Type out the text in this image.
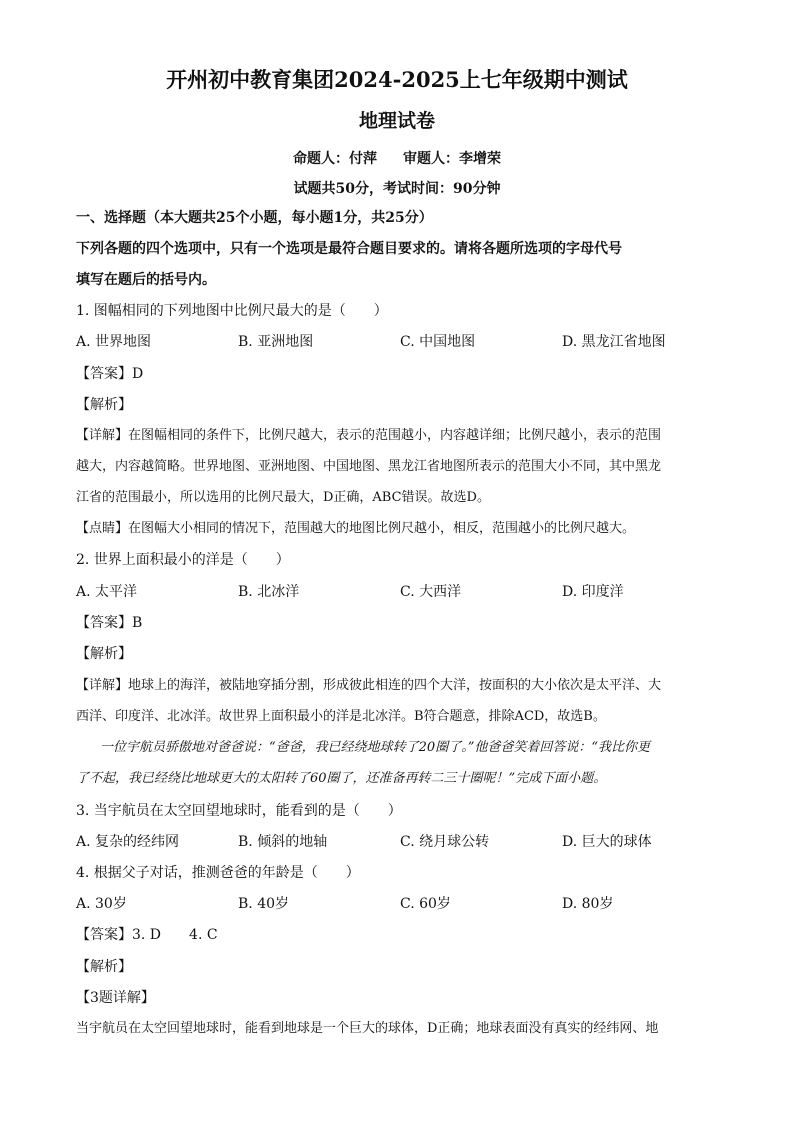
开州初中教育集团2024-2025上七年级期中测试
地理试卷
命题人：付萍 审题人：李增荣
试题共50分，考试时间：90分钟
一、选择题（本大题共25个小题，每小题1分，共25分）
下列各题的四个选项中，只有一个选项是最符合题目要求的。请将各题所选项的字母代号
填写在题后的括号内。
1. 图幅相同的下列地图中比例尺最大的是（　　）
A. 世界地图	B. 亚洲地图	C. 中国地图	D. 黑龙江省地图
【答案】D
【解析】
【详解】在图幅相同的条件下，比例尺越大，表示的范围越小，内容越详细；比例尺越小，表示的范围
越大，内容越简略。世界地图、亚洲地图、中国地图、黑龙江省地图所表示的范围大小不同，其中黑龙
江省的范围最小，所以选用的比例尺最大，D正确，ABC错误。故选D。
【点睛】在图幅大小相同的情况下，范围越大的地图比例尺越小，相反，范围越小的比例尺越大。
2. 世界上面积最小的洋是（　　）
A. 太平洋	B. 北冰洋	C. 大西洋	D. 印度洋
【答案】B
【解析】
【详解】地球上的海洋，被陆地穿插分割，形成彼此相连的四个大洋，按面积的大小依次是太平洋、大
西洋、印度洋、北冰洋。故世界上面积最小的洋是北冰洋。B符合题意，排除ACD，故选B。
一位宇航员骄傲地对爸爸说：“爸爸，我已经绕地球转了20圈了。”他爸爸笑着回答说：“我比你更
了不起，我已经绕比地球更大的太阳转了60圈了，还准备再转二三十圈呢！”完成下面小题。
3. 当宇航员在太空回望地球时，能看到的是（　　）
A. 复杂的经纬网	B. 倾斜的地轴	C. 绕月球公转	D. 巨大的球体
4. 根据父子对话，推测爸爸的年龄是（　　）
A. 30岁	B. 40岁	C. 60岁	D. 80岁
【答案】3. D　　4. C
【解析】
【3题详解】
当宇航员在太空回望地球时，能看到地球是一个巨大的球体，D正确；地球表面没有真实的经纬网、地
